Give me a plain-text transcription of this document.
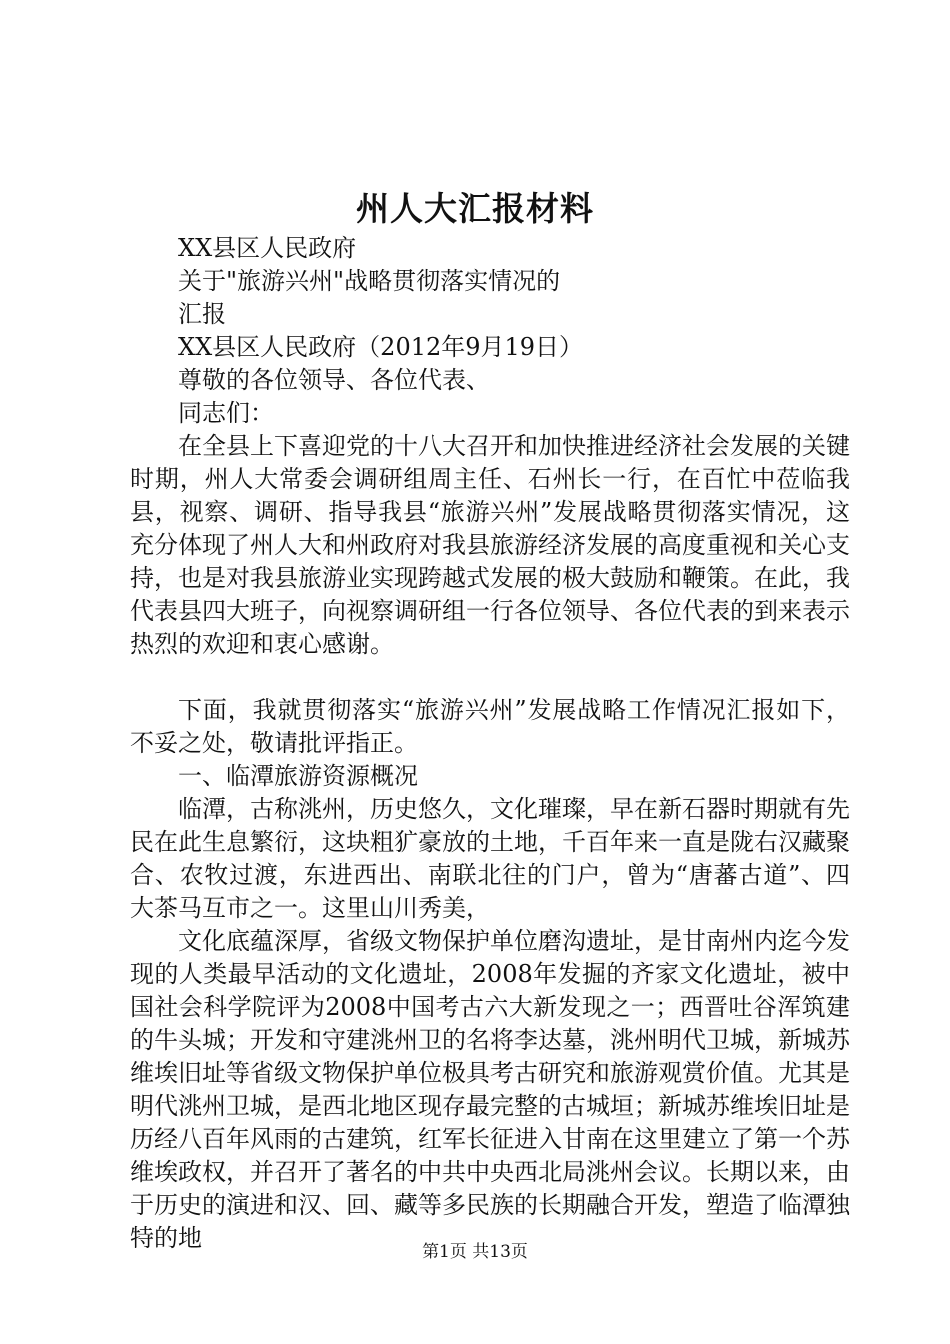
州人大汇报材料

XX县区人民政府

关于"旅游兴州"战略贯彻落实情况的

汇报

XX县区人民政府（2012年9月19日）

尊敬的各位领导、各位代表、

同志们：

在全县上下喜迎党的十八大召开和加快推进经济社会发展的关键时期，州人大常委会调研组周主任、石州长一行，在百忙中莅临我县，视察、调研、指导我县“旅游兴州”发展战略贯彻落实情况，这充分体现了州人大和州政府对我县旅游经济发展的高度重视和关心支持，也是对我县旅游业实现跨越式发展的极大鼓励和鞭策。在此，我代表县四大班子，向视察调研组一行各位领导、各位代表的到来表示热烈的欢迎和衷心感谢。

下面，我就贯彻落实“旅游兴州”发展战略工作情况汇报如下，不妥之处，敬请批评指正。

一、临潭旅游资源概况

临潭，古称洮州，历史悠久，文化璀璨，早在新石器时期就有先民在此生息繁衍，这块粗犷豪放的土地，千百年来一直是陇右汉藏聚合、农牧过渡，东进西出、南联北往的门户，曾为“唐蕃古道”、四大茶马互市之一。这里山川秀美，

文化底蕴深厚，省级文物保护单位磨沟遗址，是甘南州内迄今发现的人类最早活动的文化遗址，2008年发掘的齐家文化遗址，被中国社会科学院评为2008中国考古六大新发现之一；西晋吐谷浑筑建的牛头城；开发和守建洮州卫的名将李达墓，洮州明代卫城，新城苏维埃旧址等省级文物保护单位极具考古研究和旅游观赏价值。尤其是明代洮州卫城，是西北地区现存最完整的古城垣；新城苏维埃旧址是历经八百年风雨的古建筑，红军长征进入甘南在这里建立了第一个苏维埃政权，并召开了著名的中共中央西北局洮州会议。长期以来，由于历史的演进和汉、回、藏等多民族的长期融合开发，塑造了临潭独特的地	第1页 共13页
